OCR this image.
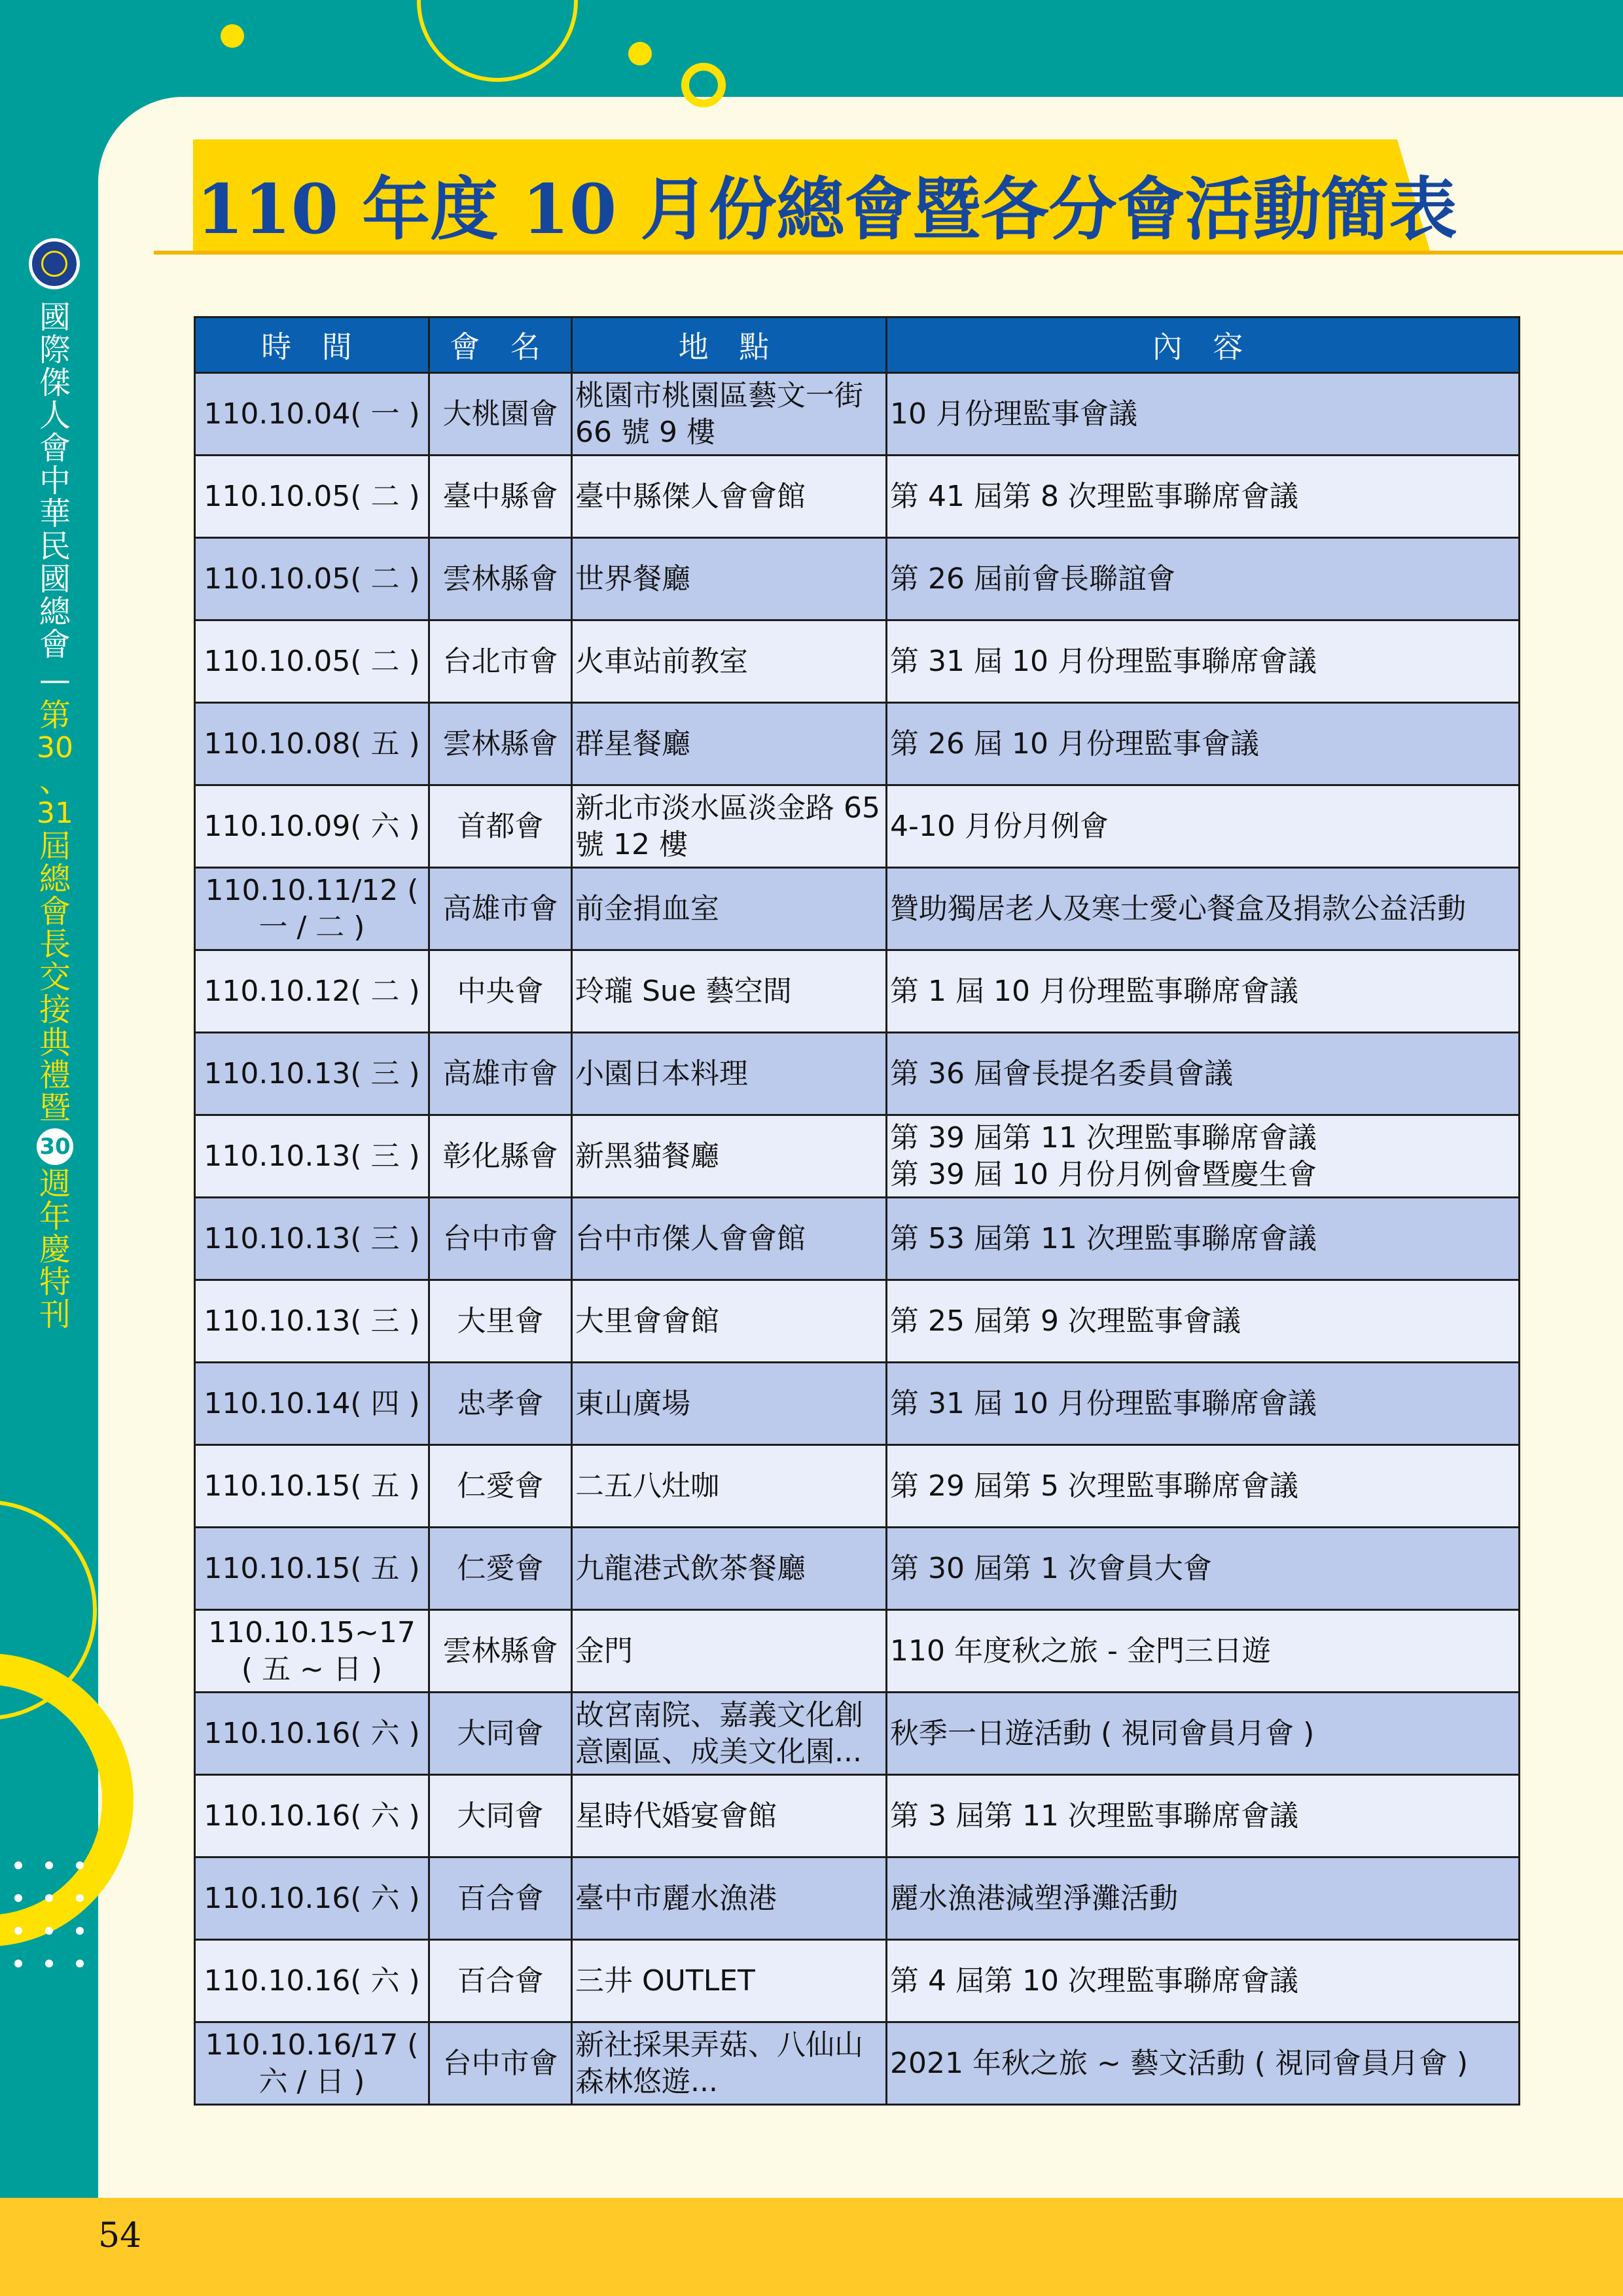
國際傑人會中華民國總會
—
第
30
、
31
屆總會長交接典禮暨
30
週年慶特刊
110 年度 10 月份總會暨各分會活動簡表
時 間	會 名	地 點	內 容
110.10.04( 一 )	大桃園會	桃園市桃園區藝文一街 66 號 9 樓	10 月份理監事會議
110.10.05( 二 )	臺中縣會	臺中縣傑人會會館	第 41 屆第 8 次理監事聯席會議
110.10.05( 二 )	雲林縣會	世界餐廳	第 26 屆前會長聯誼會
110.10.05( 二 )	台北市會	火車站前教室	第 31 屆 10 月份理監事聯席會議
110.10.08( 五 )	雲林縣會	群星餐廳	第 26 屆 10 月份理監事會議
110.10.09( 六 )	首都會	新北市淡水區淡金路 65 號 12 樓	4-10 月份月例會
110.10.11/12 ( 一 / 二 )	高雄市會	前金捐血室	贊助獨居老人及寒士愛心餐盒及捐款公益活動
110.10.12( 二 )	中央會	玲瓏 Sue 藝空間	第 1 屆 10 月份理監事聯席會議
110.10.13( 三 )	高雄市會	小園日本料理	第 36 屆會長提名委員會議
110.10.13( 三 )	彰化縣會	新黑貓餐廳	第 39 屆第 11 次理監事聯席會議
第 39 屆 10 月份月例會暨慶生會
110.10.13( 三 )	台中市會	台中市傑人會會館	第 53 屆第 11 次理監事聯席會議
110.10.13( 三 )	大里會	大里會會館	第 25 屆第 9 次理監事會議
110.10.14( 四 )	忠孝會	東山廣場	第 31 屆 10 月份理監事聯席會議
110.10.15( 五 )	仁愛會	二五八灶咖	第 29 屆第 5 次理監事聯席會議
110.10.15( 五 )	仁愛會	九龍港式飲茶餐廳	第 30 屆第 1 次會員大會
110.10.15~17 ( 五 ~ 日 )	雲林縣會	金門	110 年度秋之旅 - 金門三日遊
110.10.16( 六 )	大同會	故宮南院、嘉義文化創意園區、成美文化園...	秋季一日遊活動 ( 視同會員月會 )
110.10.16( 六 )	大同會	星時代婚宴會館	第 3 屆第 11 次理監事聯席會議
110.10.16( 六 )	百合會	臺中市麗水漁港	麗水漁港減塑淨灘活動
110.10.16( 六 )	百合會	三井 OUTLET	第 4 屆第 10 次理監事聯席會議
110.10.16/17 ( 六 / 日 )	台中市會	新社採果弄菇、八仙山森林悠遊...	2021 年秋之旅 ~ 藝文活動 ( 視同會員月會 )
54
